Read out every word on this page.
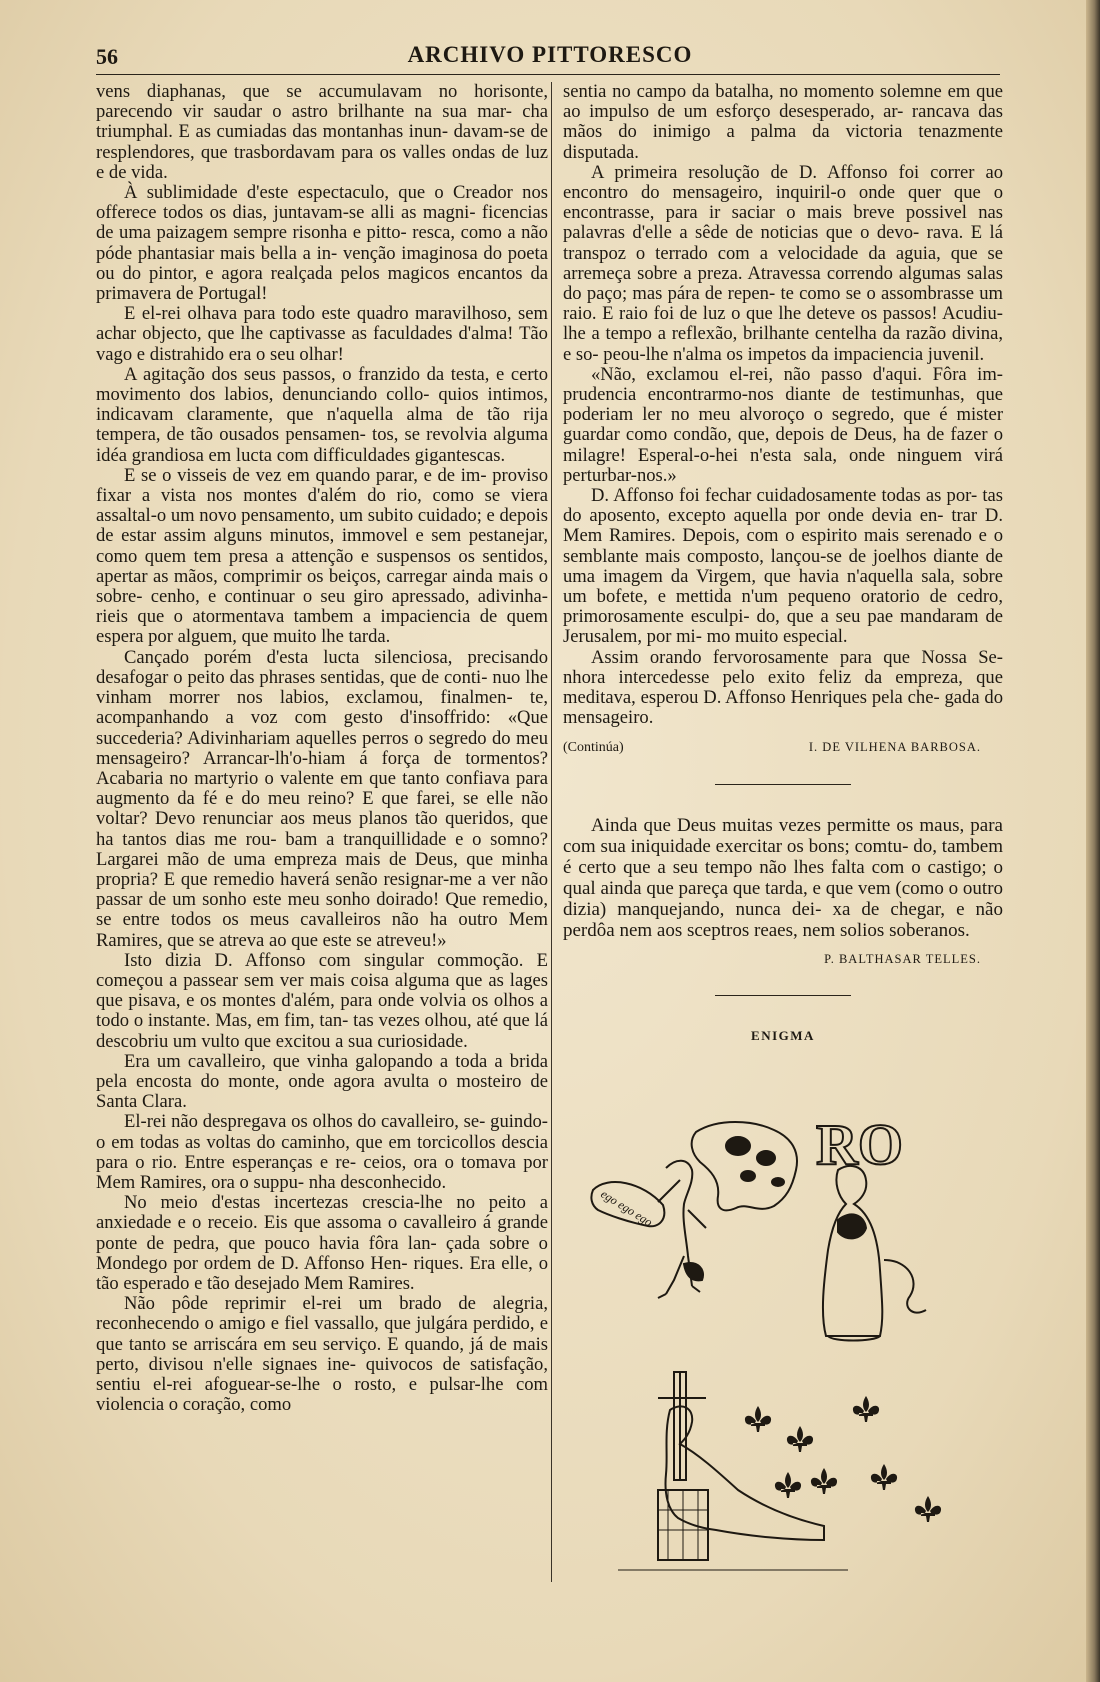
56	ARCHIVO PITTORESCO

vens diaphanas, que se accumulavam no horisonte, parecendo vir saudar o astro brilhante na sua mar- cha triumphal. E as cumiadas das montanhas inun- davam-se de resplendores, que trasbordavam para os valles ondas de luz e de vida.

À sublimidade d'este espectaculo, que o Creador nos offerece todos os dias, juntavam-se alli as magni- ficencias de uma paizagem sempre risonha e pitto- resca, como a não póde phantasiar mais bella a in- venção imaginosa do poeta ou do pintor, e agora realçada pelos magicos encantos da primavera de Portugal!

E el-rei olhava para todo este quadro maravilhoso, sem achar objecto, que lhe captivasse as faculdades d'alma! Tão vago e distrahido era o seu olhar!

A agitação dos seus passos, o franzido da testa, e certo movimento dos labios, denunciando collo- quios intimos, indicavam claramente, que n'aquella alma de tão rija tempera, de tão ousados pensamen- tos, se revolvia alguma idéa grandiosa em lucta com difficuldades gigantescas.

E se o visseis de vez em quando parar, e de im- proviso fixar a vista nos montes d'além do rio, como se viera assaltal-o um novo pensamento, um subito cuidado; e depois de estar assim alguns minutos, immovel e sem pestanejar, como quem tem presa a attenção e suspensos os sentidos, apertar as mãos, comprimir os beiços, carregar ainda mais o sobre- cenho, e continuar o seu giro apressado, adivinha- rieis que o atormentava tambem a impaciencia de quem espera por alguem, que muito lhe tarda.

Cançado porém d'esta lucta silenciosa, precisando desafogar o peito das phrases sentidas, que de conti- nuo lhe vinham morrer nos labios, exclamou, finalmen- te, acompanhando a voz com gesto d'insoffrido: «Que succederia? Adivinhariam aquelles perros o segredo do meu mensageiro? Arrancar-lh'o-hiam á força de tormentos? Acabaria no martyrio o valente em que tanto confiava para augmento da fé e do meu reino? E que farei, se elle não voltar? Devo renunciar aos meus planos tão queridos, que ha tantos dias me rou- bam a tranquillidade e o somno? Largarei mão de uma empreza mais de Deus, que minha propria? E que remedio haverá senão resignar-me a ver não passar de um sonho este meu sonho doirado! Que remedio, se entre todos os meus cavalleiros não ha outro Mem Ramires, que se atreva ao que este se atreveu!»

Isto dizia D. Affonso com singular commoção. E começou a passear sem ver mais coisa alguma que as lages que pisava, e os montes d'além, para onde volvia os olhos a todo o instante. Mas, em fim, tan- tas vezes olhou, até que lá descobriu um vulto que excitou a sua curiosidade.

Era um cavalleiro, que vinha galopando a toda a brida pela encosta do monte, onde agora avulta o mosteiro de Santa Clara.

El-rei não despregava os olhos do cavalleiro, se- guindo-o em todas as voltas do caminho, que em torcicollos descia para o rio. Entre esperanças e re- ceios, ora o tomava por Mem Ramires, ora o suppu- nha desconhecido.

No meio d'estas incertezas crescia-lhe no peito a anxiedade e o receio. Eis que assoma o cavalleiro á grande ponte de pedra, que pouco havia fôra lan- çada sobre o Mondego por ordem de D. Affonso Hen- riques. Era elle, o tão esperado e tão desejado Mem Ramires.

Não pôde reprimir el-rei um brado de alegria, reconhecendo o amigo e fiel vassallo, que julgára perdido, e que tanto se arriscára em seu serviço. E quando, já de mais perto, divisou n'elle signaes ine- quivocos de satisfação, sentiu el-rei afoguear-se-lhe o rosto, e pulsar-lhe com violencia o coração, como

sentia no campo da batalha, no momento solemne em que ao impulso de um esforço desesperado, ar- rancava das mãos do inimigo a palma da victoria tenazmente disputada.

A primeira resolução de D. Affonso foi correr ao encontro do mensageiro, inquiril-o onde quer que o encontrasse, para ir saciar o mais breve possivel nas palavras d'elle a sêde de noticias que o devo- rava. E lá transpoz o terrado com a velocidade da aguia, que se arremeça sobre a preza. Atravessa correndo algumas salas do paço; mas pára de repen- te como se o assombrasse um raio. E raio foi de luz o que lhe deteve os passos! Acudiu-lhe a tempo a reflexão, brilhante centelha da razão divina, e so- peou-lhe n'alma os impetos da impaciencia juvenil.

«Não, exclamou el-rei, não passo d'aqui. Fôra im- prudencia encontrarmo-nos diante de testimunhas, que poderiam ler no meu alvoroço o segredo, que é mister guardar como condão, que, depois de Deus, ha de fazer o milagre! Esperal-o-hei n'esta sala, onde ninguem virá perturbar-nos.»

D. Affonso foi fechar cuidadosamente todas as por- tas do aposento, excepto aquella por onde devia en- trar D. Mem Ramires. Depois, com o espirito mais serenado e o semblante mais composto, lançou-se de joelhos diante de uma imagem da Virgem, que havia n'aquella sala, sobre um bofete, e mettida n'um pequeno oratorio de cedro, primorosamente esculpi- do, que a seu pae mandaram de Jerusalem, por mi- mo muito especial.

Assim orando fervorosamente para que Nossa Se- nhora intercedesse pelo exito feliz da empreza, que meditava, esperou D. Affonso Henriques pela che- gada do mensageiro.

(Continúa)	I. DE VILHENA BARBOSA.

Ainda que Deus muitas vezes permitte os maus, para com sua iniquidade exercitar os bons; comtu- do, tambem é certo que a seu tempo não lhes falta com o castigo; o qual ainda que pareça que tarda, e que vem (como o outro dizia) manquejando, nunca dei- xa de chegar, e não perdôa nem aos sceptros reaes, nem solios soberanos.

P. BALTHASAR TELLES.
ENIGMA
ego ego ego
RO
